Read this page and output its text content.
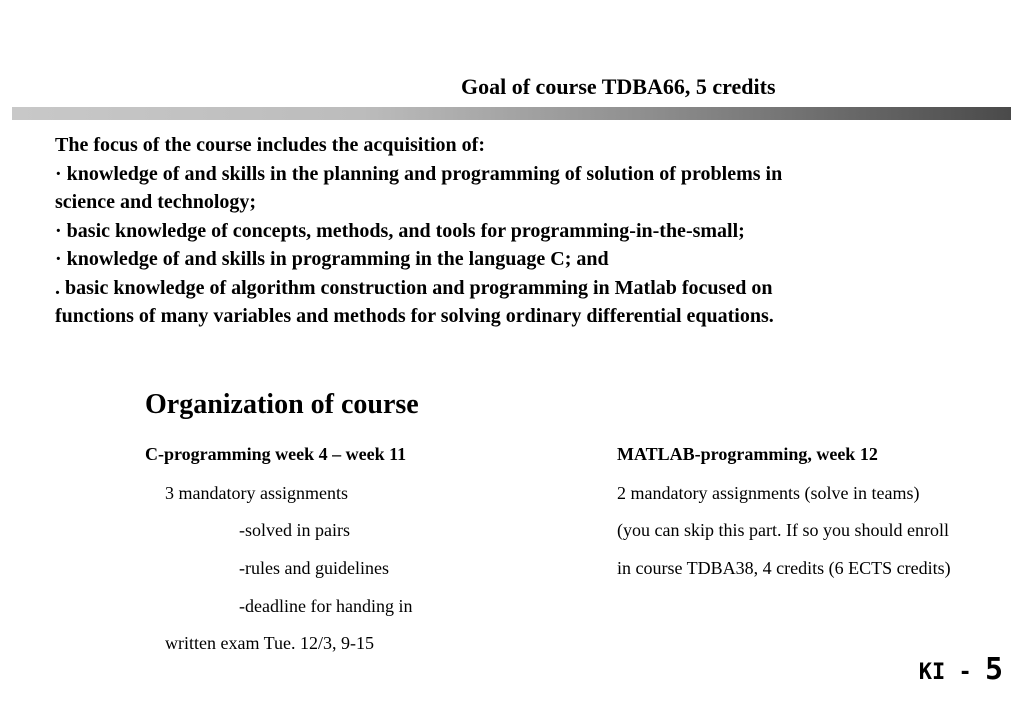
Goal of course TDBA66, 5 credits
The focus of the course includes the acquisition of:
· knowledge of and skills in the planning and programming of solution of problems in
science and technology;
· basic knowledge of concepts, methods, and tools for programming-in-the-small;
· knowledge of and skills in programming in the language C; and
. basic knowledge of algorithm construction and programming in Matlab focused on
functions of many variables and methods for solving ordinary differential equations.
Organization of course
C-programming week 4 – week 11
3 mandatory assignments
-solved in pairs
-rules and guidelines
-deadline for handing in
written exam Tue. 12/3, 9-15
MATLAB-programming, week 12
2 mandatory assignments (solve in teams)
(you can skip this part. If so you should enroll
in course TDBA38, 4 credits (6 ECTS credits)
KI - 5
